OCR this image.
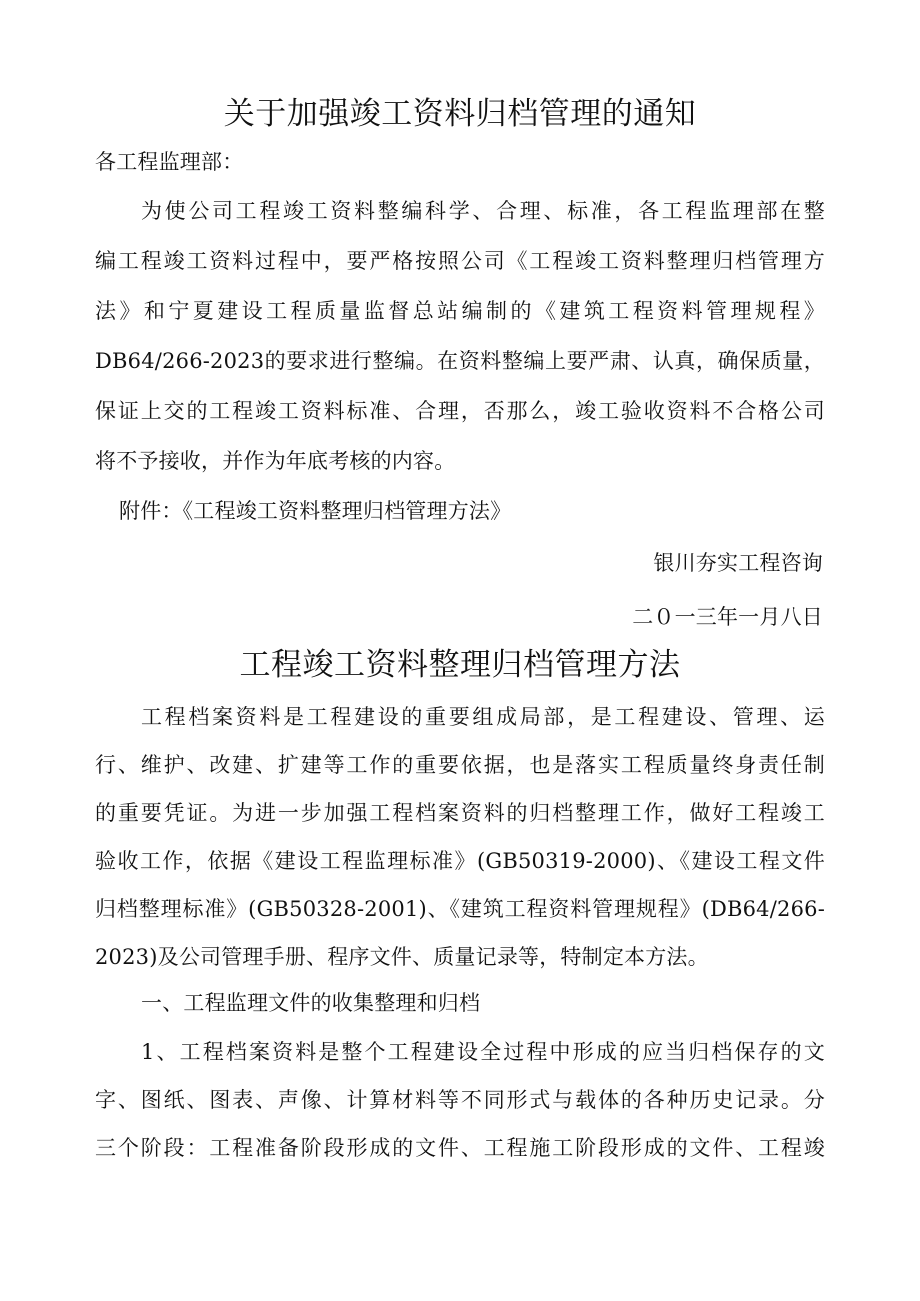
关于加强竣工资料归档管理的通知
各工程监理部：
为使公司工程竣工资料整编科学、合理、标准，各工程监理部在整
编工程竣工资料过程中，要严格按照公司《工程竣工资料整理归档管理方
法》和宁夏建设工程质量监督总站编制的《建筑工程资料管理规程》
DB64/266-2023的要求进行整编。在资料整编上要严肃、认真，确保质量，
保证上交的工程竣工资料标准、合理，否那么，竣工验收资料不合格公司
将不予接收，并作为年底考核的内容。
附件：《工程竣工资料整理归档管理方法》
银川夯实工程咨询
二０一三年一月八日
工程竣工资料整理归档管理方法
工程档案资料是工程建设的重要组成局部，是工程建设、管理、运
行、维护、改建、扩建等工作的重要依据，也是落实工程质量终身责任制
的重要凭证。为进一步加强工程档案资料的归档整理工作，做好工程竣工
验收工作，依据《建设工程监理标准》(GB50319-2000)、《建设工程文件
归档整理标准》(GB50328-2001)、《建筑工程资料管理规程》(DB64/266-
2023)及公司管理手册、程序文件、质量记录等，特制定本方法。
一、工程监理文件的收集整理和归档
1、工程档案资料是整个工程建设全过程中形成的应当归档保存的文
字、图纸、图表、声像、计算材料等不同形式与载体的各种历史记录。分
三个阶段：工程准备阶段形成的文件、工程施工阶段形成的文件、工程竣
